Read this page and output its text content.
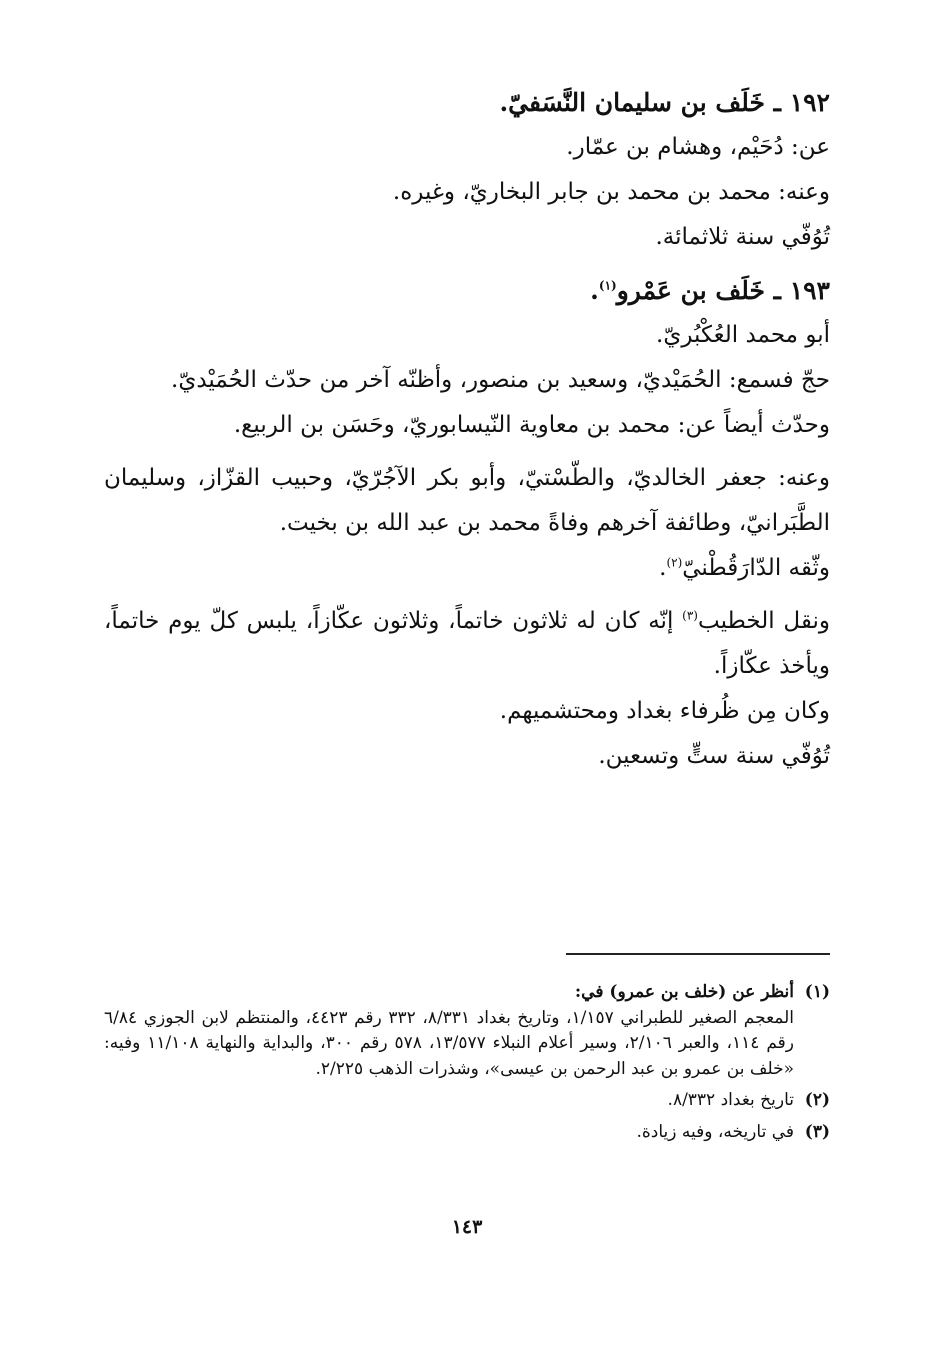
١٩٢ ـ خَلَف بن سليمان النَّسَفيّ.

عن: دُحَيْم، وهشام بن عمّار.

وعنه: محمد بن محمد بن جابر البخاريّ، وغيره.

تُوُفّي سنة ثلاثمائة.

١٩٣ ـ خَلَف بن عَمْرو$^{(١)}$.

أبو محمد العُكْبُريّ.

حجّ فسمع: الحُمَيْديّ، وسعيد بن منصور، وأظنّه آخر من حدّث الحُمَيْديّ.

وحدّث أيضاً عن: محمد بن معاوية النّيسابوريّ، وحَسَن بن الربيع.

وعنه: جعفر الخالديّ، والطّسْتيّ، وأبو بكر الآجُرّيّ، وحبيب القزّاز، وسليمان الطَّبَرانيّ، وطائفة آخرهم وفاةً محمد بن عبد الله بن بخيت.

وثّقه الدّارَقُطْنيّ$^{(٢)}$.

ونقل الخطيب$^{(٣)}$ إنّه كان له ثلاثون خاتماً، وثلاثون عكّازاً، يلبس كلّ يوم خاتماً، ويأخذ عكّازاً.

وكان مِن ظُرفاء بغداد ومحتشميهم.

تُوُفّي سنة ستٍّ وتسعين.

(١)
أنظر عن (خلف بن عمرو) في:
المعجم الصغير للطبراني ١/١٥٧، وتاريخ بغداد ٨/٣٣١، ٣٣٢ رقم ٤٤٢٣، والمنتظم لابن الجوزي ٦/٨٤ رقم ١١٤، والعبر ٢/١٠٦، وسير أعلام النبلاء ١٣/٥٧٧، ٥٧٨ رقم ٣٠٠، والبداية والنهاية ١١/١٠٨ وفيه: «خلف بن عمرو بن عبد الرحمن بن عيسى»، وشذرات الذهب ٢/٢٢٥.
(٢)
تاريخ بغداد ٨/٣٣٢.
(٣)
في تاريخه، وفيه زيادة.
١٤٣
